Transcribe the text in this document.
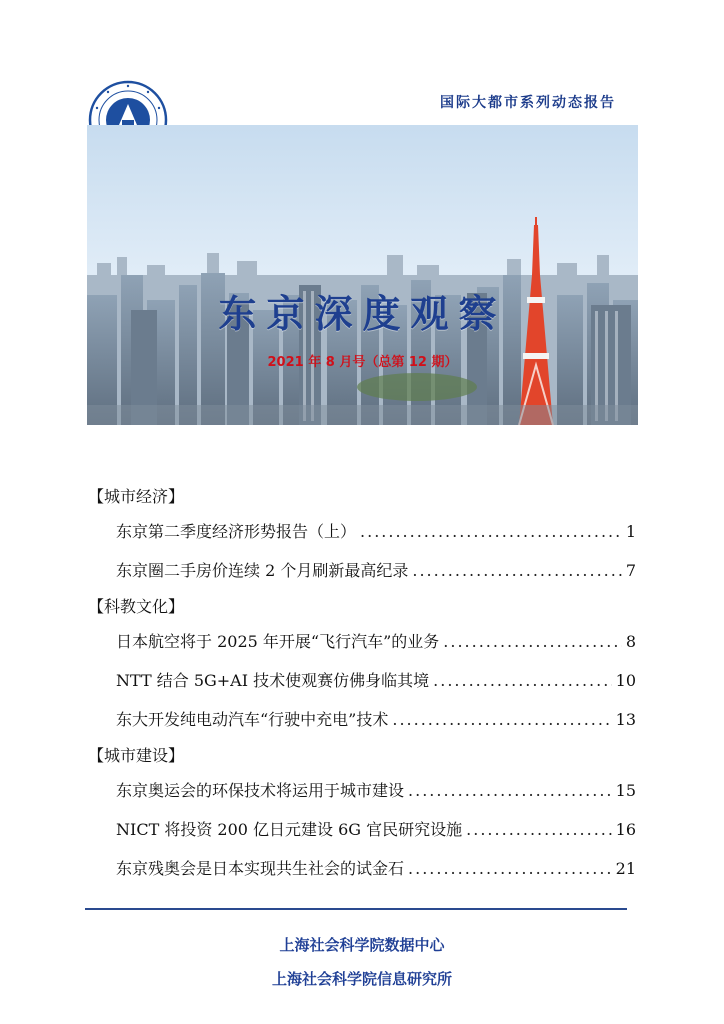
国际大都市系列动态报告
东京深度观察
2021 年 8 月号（总第 12 期）
【城市经济】
东京第二季度经济形势报告（上） .....	1
东京圈二手房价连续 2 个月刷新最高纪录 .....	7
【科教文化】
日本航空将于 2025 年开展“飞行汽车”的业务 .....	8
NTT 结合 5G+AI 技术使观赛仿佛身临其境 .....	10
东大开发纯电动汽车“行驶中充电”技术 .....	13
【城市建设】
东京奥运会的环保技术将运用于城市建设 .....	15
NICT 将投资 200 亿日元建设 6G 官民研究设施 .....	16
东京残奥会是日本实现共生社会的试金石 .....	21
上海社会科学院数据中心
上海社会科学院信息研究所
